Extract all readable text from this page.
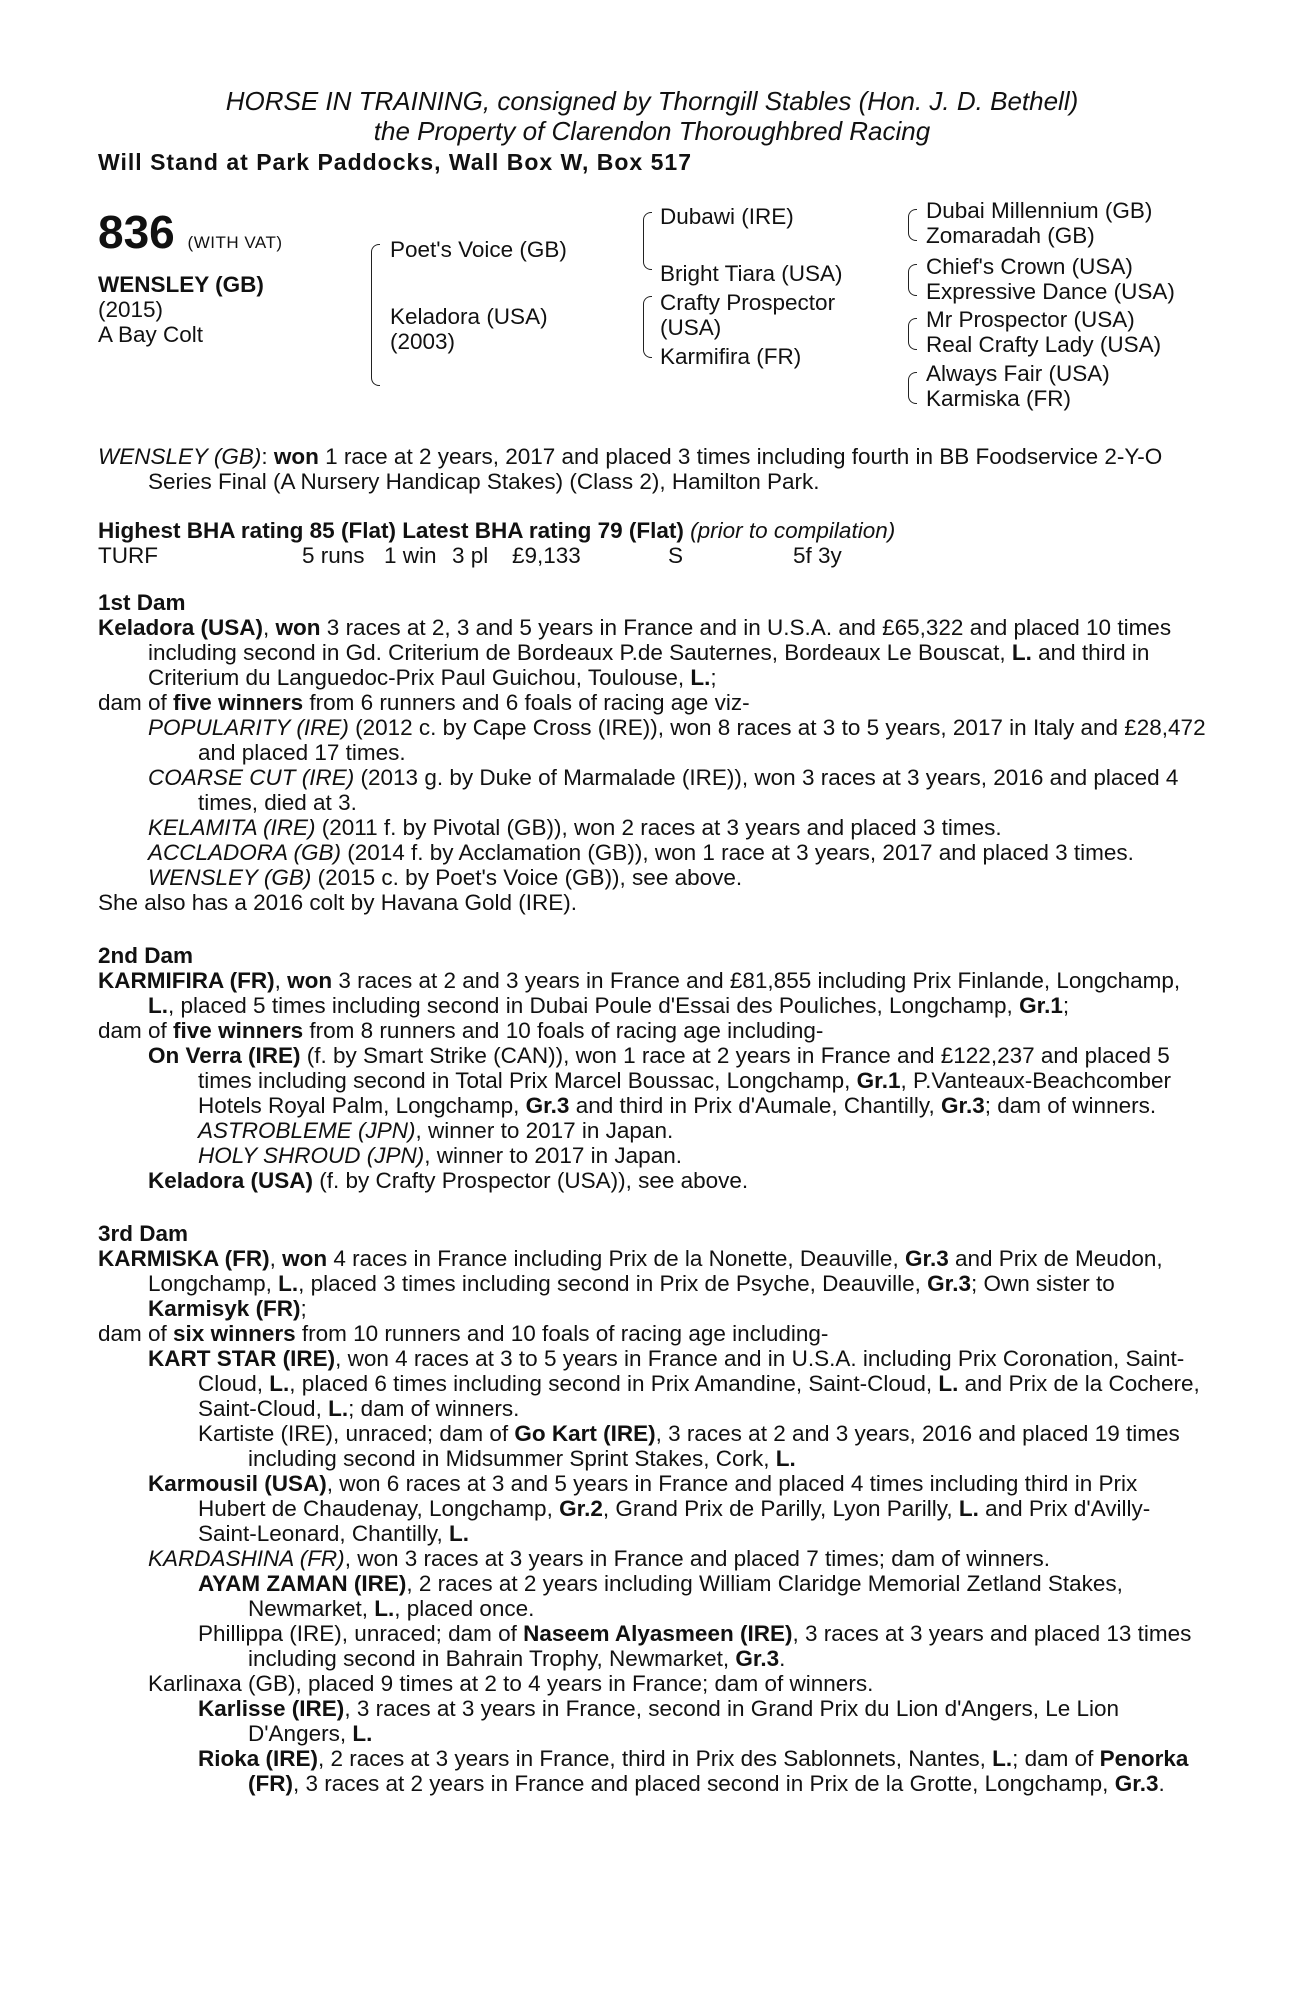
HORSE IN TRAINING, consigned by Thorngill Stables (Hon. J. D. Bethell)
the Property of Clarendon Thoroughbred Racing
Will Stand at Park Paddocks, Wall Box W, Box 517
836 (WITH VAT)
WENSLEY (GB)
(2015)
A Bay Colt
Poet's Voice (GB)
Keladora (USA)
(2003)
Dubawi (IRE)
Bright Tiara (USA)
Crafty Prospector
(USA)
Karmifira (FR)
Dubai Millennium (GB)
Zomaradah (GB)
Chief's Crown (USA)
Expressive Dance (USA)
Mr Prospector (USA)
Real Crafty Lady (USA)
Always Fair (USA)
Karmiska (FR)

WENSLEY (GB): won 1 race at 2 years, 2017 and placed 3 times including fourth in BB Foodservice 2-Y-O Series Final (A Nursery Handicap Stakes) (Class 2), Hamilton Park.

Highest BHA rating 85 (Flat) Latest BHA rating 79 (Flat) (prior to compilation)

TURF	5 runs 1 win 3 pl	£9,133	S	5f 3y

1st Dam

Keladora (USA), won 3 races at 2, 3 and 5 years in France and in U.S.A. and £65,322 and placed 10 times including second in Gd. Criterium de Bordeaux P.de Sauternes, Bordeaux Le Bouscat, L. and third in Criterium du Languedoc-Prix Paul Guichou, Toulouse, L.;

dam of five winners from 6 runners and 6 foals of racing age viz-

POPULARITY (IRE) (2012 c. by Cape Cross (IRE)), won 8 races at 3 to 5 years, 2017 in Italy and £28,472 and placed 17 times.

COARSE CUT (IRE) (2013 g. by Duke of Marmalade (IRE)), won 3 races at 3 years, 2016 and placed 4 times, died at 3.

KELAMITA (IRE) (2011 f. by Pivotal (GB)), won 2 races at 3 years and placed 3 times.

ACCLADORA (GB) (2014 f. by Acclamation (GB)), won 1 race at 3 years, 2017 and placed 3 times.

WENSLEY (GB) (2015 c. by Poet's Voice (GB)), see above.

She also has a 2016 colt by Havana Gold (IRE).

2nd Dam

KARMIFIRA (FR), won 3 races at 2 and 3 years in France and £81,855 including Prix Finlande, Longchamp, L., placed 5 times including second in Dubai Poule d'Essai des Pouliches, Longchamp, Gr.1;

dam of five winners from 8 runners and 10 foals of racing age including-

On Verra (IRE) (f. by Smart Strike (CAN)), won 1 race at 2 years in France and £122,237 and placed 5 times including second in Total Prix Marcel Boussac, Longchamp, Gr.1, P.Vanteaux-Beachcomber Hotels Royal Palm, Longchamp, Gr.3 and third in Prix d'Aumale, Chantilly, Gr.3; dam of winners.

ASTROBLEME (JPN), winner to 2017 in Japan.

HOLY SHROUD (JPN), winner to 2017 in Japan.

Keladora (USA) (f. by Crafty Prospector (USA)), see above.

3rd Dam

KARMISKA (FR), won 4 races in France including Prix de la Nonette, Deauville, Gr.3 and Prix de Meudon, Longchamp, L., placed 3 times including second in Prix de Psyche, Deauville, Gr.3; Own sister to Karmisyk (FR);

dam of six winners from 10 runners and 10 foals of racing age including-

KART STAR (IRE), won 4 races at 3 to 5 years in France and in U.S.A. including Prix Coronation, Saint-Cloud, L., placed 6 times including second in Prix Amandine, Saint-Cloud, L. and Prix de la Cochere, Saint-Cloud, L.; dam of winners.

Kartiste (IRE), unraced; dam of Go Kart (IRE), 3 races at 2 and 3 years, 2016 and placed 19 times including second in Midsummer Sprint Stakes, Cork, L.

Karmousil (USA), won 6 races at 3 and 5 years in France and placed 4 times including third in Prix Hubert de Chaudenay, Longchamp, Gr.2, Grand Prix de Parilly, Lyon Parilly, L. and Prix d'Avilly-Saint-Leonard, Chantilly, L.

KARDASHINA (FR), won 3 races at 3 years in France and placed 7 times; dam of winners.

AYAM ZAMAN (IRE), 2 races at 2 years including William Claridge Memorial Zetland Stakes, Newmarket, L., placed once.

Phillippa (IRE), unraced; dam of Naseem Alyasmeen (IRE), 3 races at 3 years and placed 13 times including second in Bahrain Trophy, Newmarket, Gr.3.

Karlinaxa (GB), placed 9 times at 2 to 4 years in France; dam of winners.

Karlisse (IRE), 3 races at 3 years in France, second in Grand Prix du Lion d'Angers, Le Lion D'Angers, L.

Rioka (IRE), 2 races at 3 years in France, third in Prix des Sablonnets, Nantes, L.; dam of Penorka (FR), 3 races at 2 years in France and placed second in Prix de la Grotte, Longchamp, Gr.3.
